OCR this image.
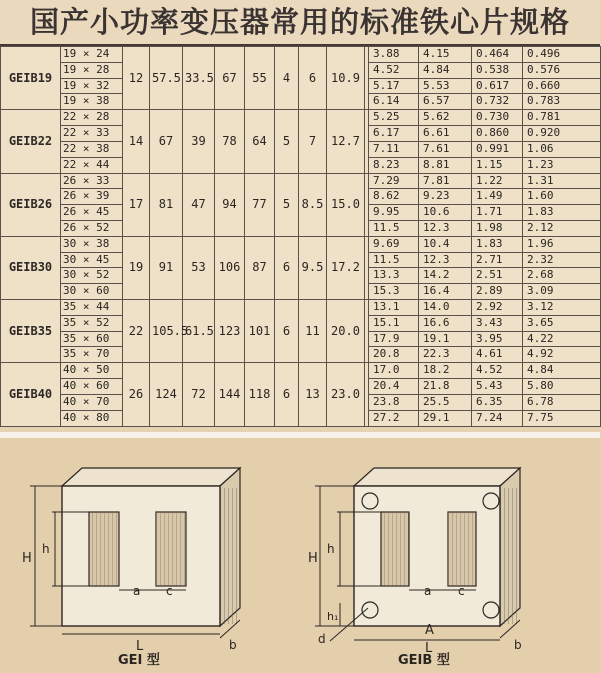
国产小功率变压器常用的标准铁心片规格
GEIB19	19 × 24	12	57.5	33.5	67	55	4	6	10.9		3.88	4.15	0.464	0.496
	19 × 28										4.52	4.84	0.538	0.576
	19 × 32										5.17	5.53	0.617	0.660
	19 × 38										6.14	6.57	0.732	0.783
GEIB22	22 × 28	14	67	39	78	64	5	7	12.7		5.25	5.62	0.730	0.781
	22 × 33										6.17	6.61	0.860	0.920
	22 × 38										7.11	7.61	0.991	1.06
	22 × 44										8.23	8.81	1.15	1.23
GEIB26	26 × 33	17	81	47	94	77	5	8.5	15.0		7.29	7.81	1.22	1.31
	26 × 39										8.62	9.23	1.49	1.60
	26 × 45										9.95	10.6	1.71	1.83
	26 × 52										11.5	12.3	1.98	2.12
GEIB30	30 × 38	19	91	53	106	87	6	9.5	17.2		9.69	10.4	1.83	1.96
	30 × 45										11.5	12.3	2.71	2.32
	30 × 52										13.3	14.2	2.51	2.68
	30 × 60										15.3	16.4	2.89	3.09
GEIB35	35 × 44	22	105.5	61.5	123	101	6	11	20.0		13.1	14.0	2.92	3.12
	35 × 52										15.1	16.6	3.43	3.65
	35 × 60										17.9	19.1	3.95	4.22
	35 × 70										20.8	22.3	4.61	4.92
GEIB40	40 × 50	26	124	72	144	118	6	13	23.0		17.0	18.2	4.52	4.84
	40 × 60										20.4	21.8	5.43	5.80
	40 × 70										23.8	25.5	6.35	6.78
	40 × 80										27.2	29.1	7.24	7.75
H
h
a c
L	b
GEI 型
H
h
h₁
a c
A
L	b
d
GEIB 型
